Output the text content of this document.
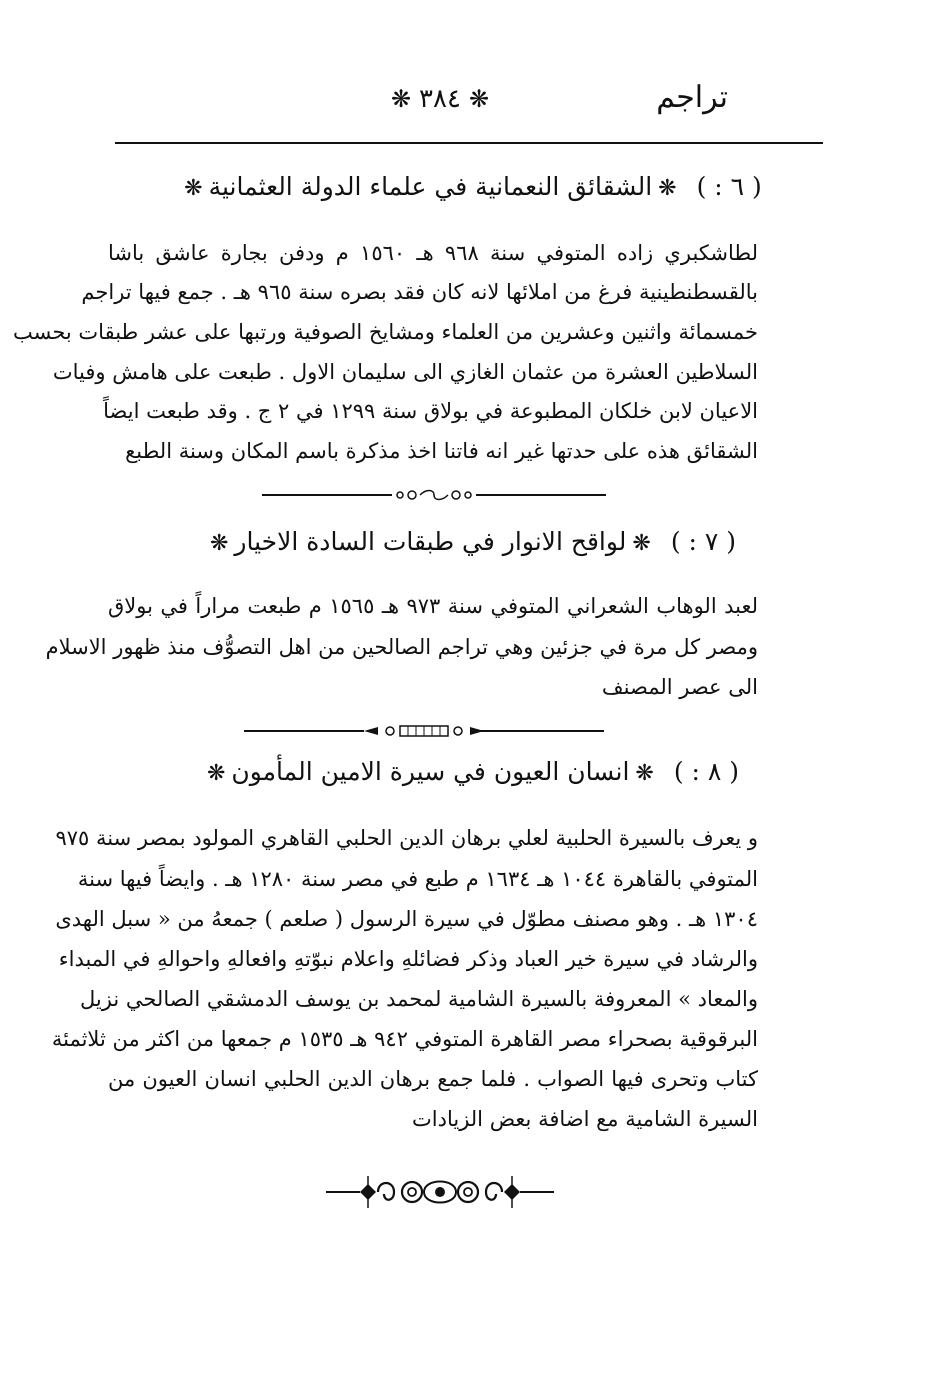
تراجم
❋٣٨٤❋
( ٦ : )❋الشقائق النعمانية في علماء الدولة العثمانية❋
لطاشكبري زاده المتوفي سنة ٩٦٨ هـ ١٥٦٠ م ودفن بجارة عاشق باشا
بالقسطنطينية فرغ من املائها لانه كان فقد بصره سنة ٩٦٥ هـ . جمع فيها تراجم
خمسمائة واثنين وعشرين من العلماء ومشايخ الصوفية ورتبها على عشر طبقات بحسب
السلاطين العشرة من عثمان الغازي الى سليمان الاول . طبعت على هامش وفيات
الاعيان لابن خلكان المطبوعة في بولاق سنة ١٢٩٩ في ٢ ج . وقد طبعت ايضاً
الشقائق هذه على حدتها غير انه فاتنا اخذ مذكرة باسم المكان وسنة الطبع
( ٧ : )❋لواقح الانوار في طبقات السادة الاخيار❋
لعبد الوهاب الشعراني المتوفي سنة ٩٧٣ هـ ١٥٦٥ م طبعت مراراً في بولاق
ومصر كل مرة في جزئين وهي تراجم الصالحين من اهل التصوُّف منذ ظهور الاسلام
الى عصر المصنف
( ٨ : )❋انسان العيون في سيرة الامين المأمون❋
و يعرف بالسيرة الحلبية لعلي برهان الدين الحلبي القاهري المولود بمصر سنة ٩٧٥
المتوفي بالقاهرة ١٠٤٤ هـ ١٦٣٤ م طبع في مصر سنة ١٢٨٠ هـ . وايضاً فيها سنة
١٣٠٤ هـ . وهو مصنف مطوّل في سيرة الرسول ( صلعم ) جمعهُ من « سبل الهدى
والرشاد في سيرة خير العباد وذكر فضائلهِ واعلام نبوّتهِ وافعالهِ واحوالهِ في المبداء
والمعاد » المعروفة بالسيرة الشامية لمحمد بن يوسف الدمشقي الصالحي نزيل
البرقوقية بصحراء مصر القاهرة المتوفي ٩٤٢ هـ ١٥٣٥ م جمعها من اكثر من ثلاثمئة
كتاب وتحرى فيها الصواب . فلما جمع برهان الدين الحلبي انسان العيون من
السيرة الشامية مع اضافة بعض الزيادات
